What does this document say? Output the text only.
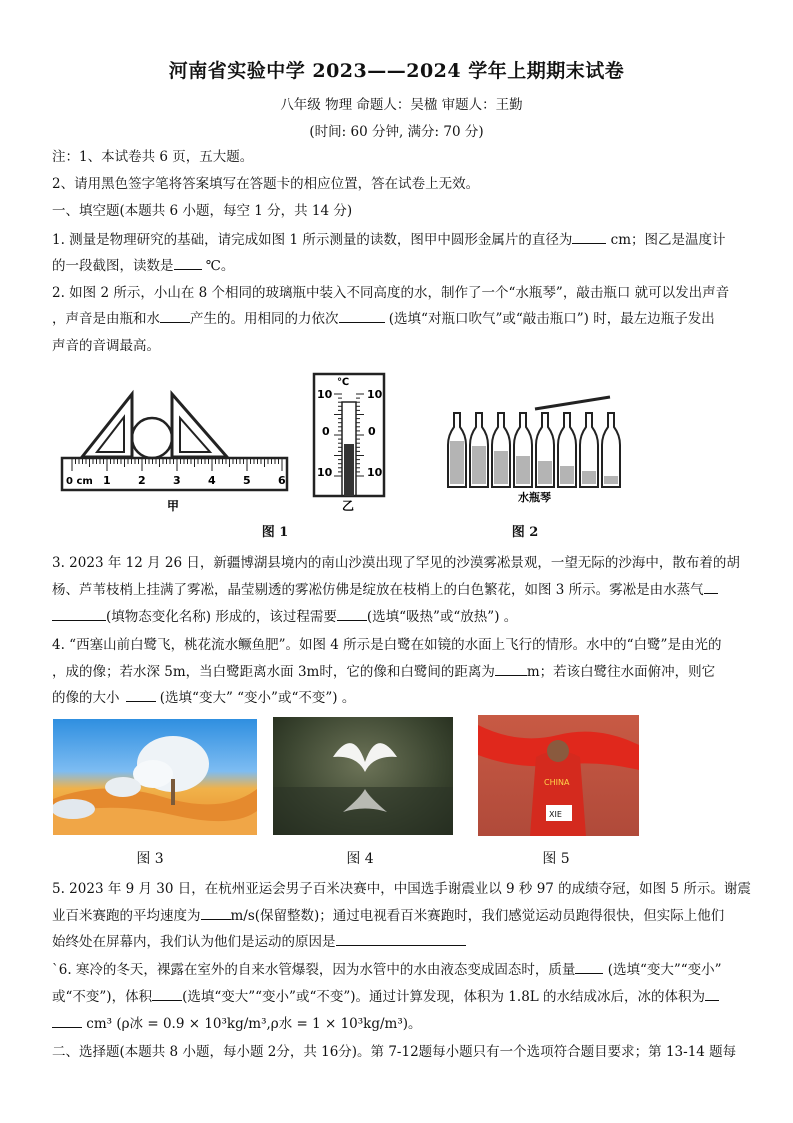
河南省实验中学 2023——2024 学年上期期末试卷
八年级 物理 命题人：吴楹 审题人：王勤
(时间: 60 分钟, 满分: 70 分)
注：1、本试卷共 6 页，五大题。
2、请用黑色签字笔将答案填写在答题卡的相应位置，答在试卷上无效。
一、填空题(本题共 6 小题，每空 1 分，共 14 分)
1. 测量是物理研究的基础，请完成如图 1 所示测量的读数，图甲中圆形金属片的直径为	cm；图乙是温度计
的一段截图，读数是 ℃。
2. 如图 2 所示，小山在 8 个相同的玻璃瓶中装入不同高度的水，制作了一个“水瓶琴”，敲击瓶口 就可以发出声音
，声音是由瓶和水 产生的。用相同的力依次	(选填“对瓶口吹气”或“敲击瓶口”) 时，最左边瓶子发出
声音的音调最高。
0 cm 1 2 3 4 5 6
甲
℃
10	10
0	0
10	10
乙
图 1
水瓶琴
图 2
3. 2023 年 12 月 26 日，新疆博湖县境内的南山沙漠出现了罕见的沙漠雾凇景观，一望无际的沙海中，散布着的胡
杨、芦苇枝梢上挂满了雾凇，晶莹剔透的雾凇仿佛是绽放在枝梢上的白色繁花，如图 3 所示。雾凇是由水蒸气
(填物态变化名称) 形成的，该过程需要 (选填“吸热”或“放热”) 。
4. “西塞山前白鹭飞，桃花流水鳜鱼肥”。如图 4 所示是白鹭在如镜的水面上飞行的情形。水中的“白鹭”是由光的
，成的像；若水深 5m，当白鹭距离水面 3m时，它的像和白鹭间的距离为 m；若该白鹭往水面俯冲，则它
的像的大小	(选填“变大” “变小”或“不变”) 。
CHINA
XIE
图 3	图 4	图 5
5. 2023 年 9 月 30 日，在杭州亚运会男子百米决赛中，中国选手谢震业以 9 秒 97 的成绩夺冠，如图 5 所示。谢震
业百米赛跑的平均速度为 m/s(保留整数)；通过电视看百米赛跑时，我们感觉运动员跑得很快，但实际上他们
始终处在屏幕内，我们认为他们是运动的原因是
`6. 寒冷的冬天，裸露在室外的自来水管爆裂，因为水管中的水由液态变成固态时，质量 (选填“变大”“变小”
或“不变”)，体积 (选填“变大”“变小”或“不变”)。通过计算发现，体积为 1.8L 的水结成冰后，冰的体积为
cm³ (ρ冰 = 0.9 × 10³kg/m³,ρ水 = 1 × 10³kg/m³)。
二、选择题(本题共 8 小题，每小题 2分，共 16分)。第 7-12题每小题只有一个选项符合题目要求；第 13-14 题每
